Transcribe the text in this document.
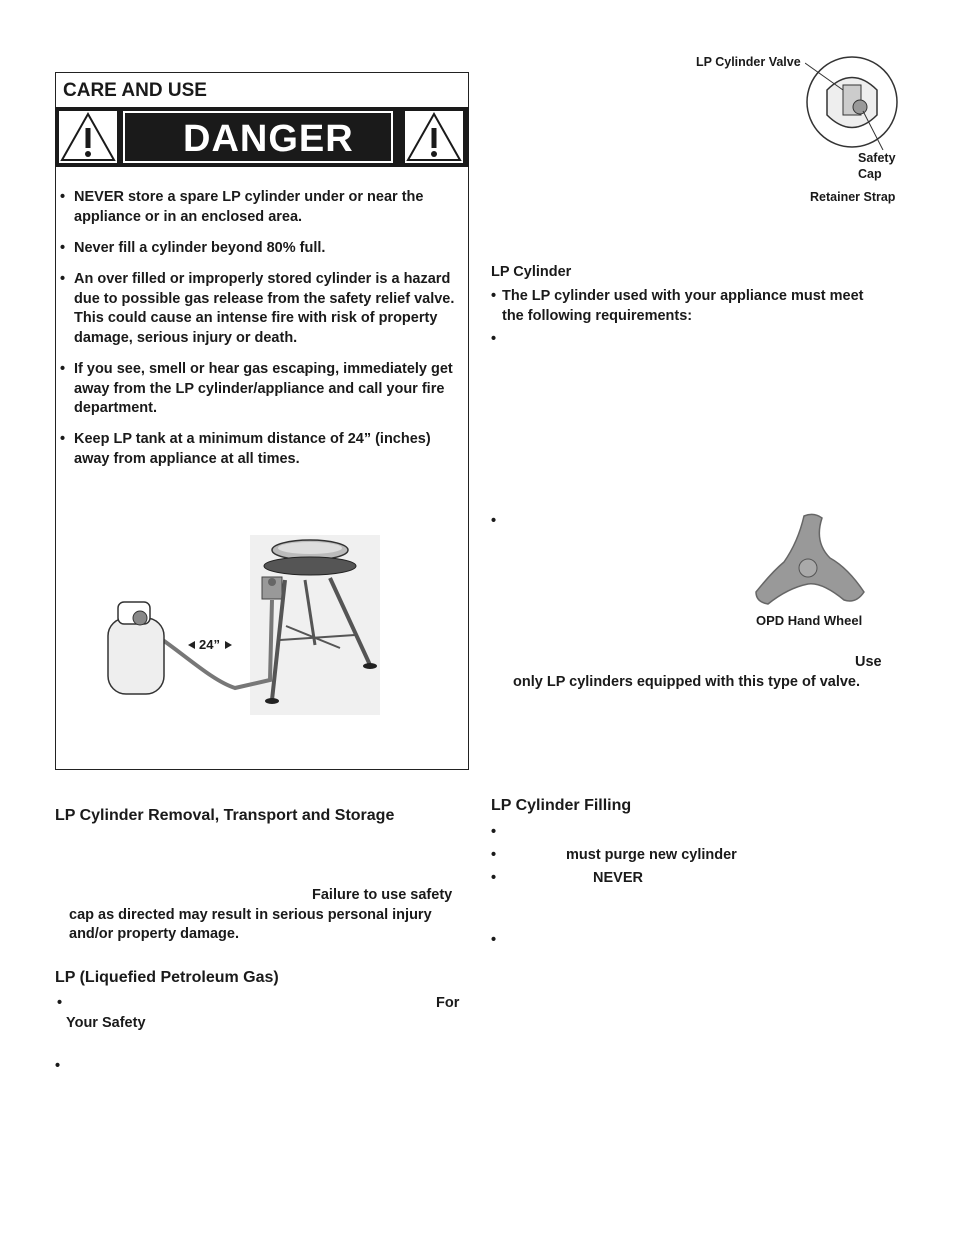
CARE AND USE
DANGER
• NEVER store a spare LP cylinder under or near the appliance or in an enclosed area.
• Never fill a cylinder beyond 80% full.
• An over filled or improperly stored cylinder is a hazard due to possible gas release from the safety relief valve. This could cause an intense fire with risk of property damage, serious injury or death.
• If you see, smell or hear gas escaping, immediately get away from the LP cylinder/appliance and call your fire department.
• Keep LP tank at a minimum distance of 24” (inches) away from appliance at all times.
24”
LP Cylinder Valve
Safety
Cap
Retainer Strap
LP Cylinder
• The LP cylinder used with your appliance must meet the following requirements:
•
•
OPD Hand Wheel
Use
only LP cylinders equipped with this type of valve.
LP Cylinder Removal, Transport and Storage
Failure to use safety
cap as directed may result in serious personal injury
and/or property damage.
LP (Liquefied Petroleum Gas)
•	For
Your Safety
•
LP Cylinder Filling
•
•	must purge new cylinder
•	NEVER
•
